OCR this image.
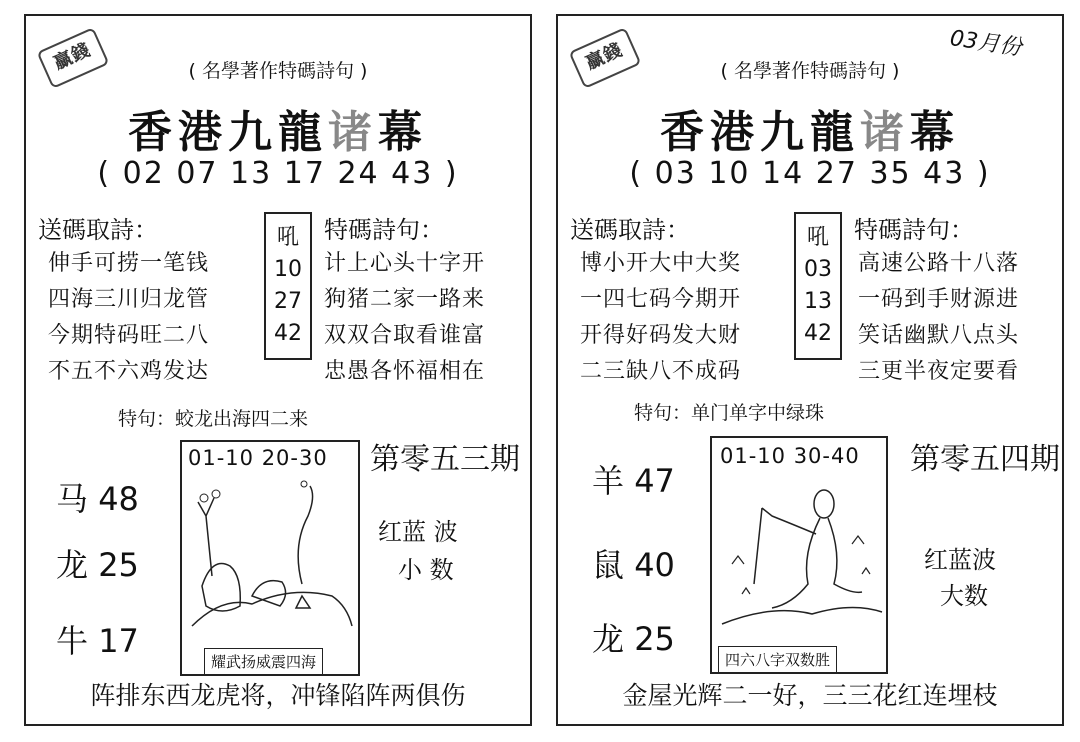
贏錢	( 名學著作特碼詩句 )
香港九龍诸幕
( 02 07 13 17 24 43 )
送碼取詩：
伸手可捞一笔钱
四海三川归龙管
今期特码旺二八
不五不六鸡发达
吼
10
27
42
特碼詩句：
计上心头十字开
狗猪二家一路来
双双合取看谁富
忠愚各怀福相在
特句：蛟龙出海四二来
马 48
龙 25
牛 17
01-10 20-30
耀武扬威震四海
第零五三期
红蓝 波
小 数
阵排东西龙虎将，冲锋陷阵两俱伤
贏錢	03月份
( 名學著作特碼詩句 )
香港九龍诸幕
( 03 10 14 27 35 43 )
送碼取詩：
博小开大中大奖
一四七码今期开
开得好码发大财
二三缺八不成码
吼
03
13
42
特碼詩句：
高速公路十八落
一码到手财源进
笑话幽默八点头
三更半夜定要看
特句：单门单字中绿珠
羊 47
鼠 40
龙 25
01-10 30-40
四六八字双数胜
第零五四期
红蓝波
大数
金屋光辉二一好，三三花红连埋枝
